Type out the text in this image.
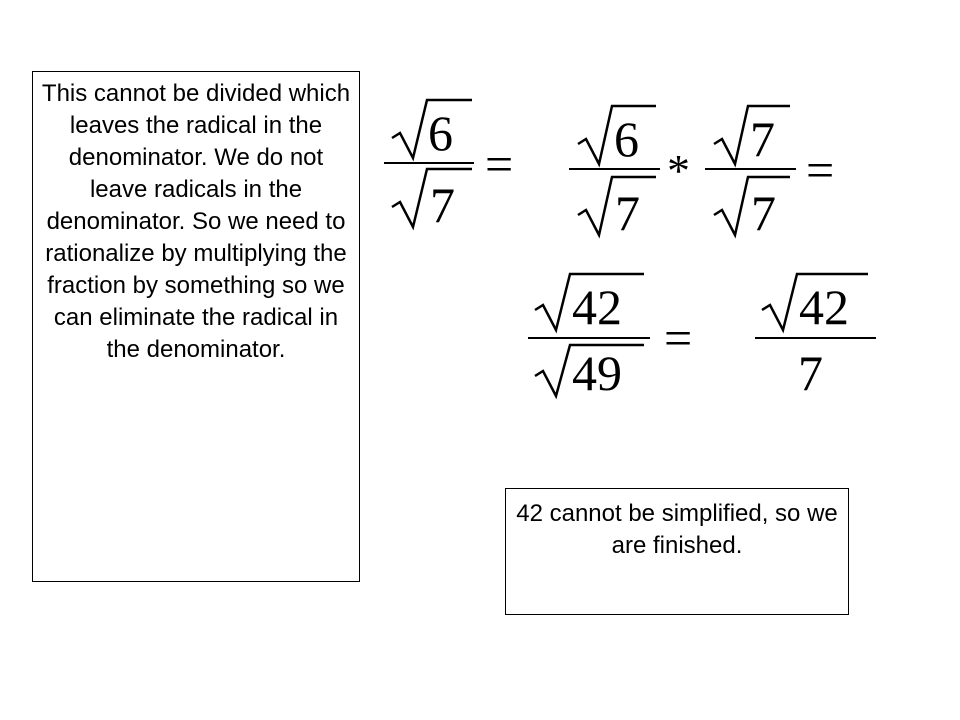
This cannot be divided which leaves the radical in the denominator. We do not leave radicals in the denominator. So we need to rationalize by multiplying the fraction by something so we can eliminate the radical in the denominator.
42 cannot be simplified, so we are finished.
6
7
= 6
7
*
7
7
=
42
49
=
42
7
